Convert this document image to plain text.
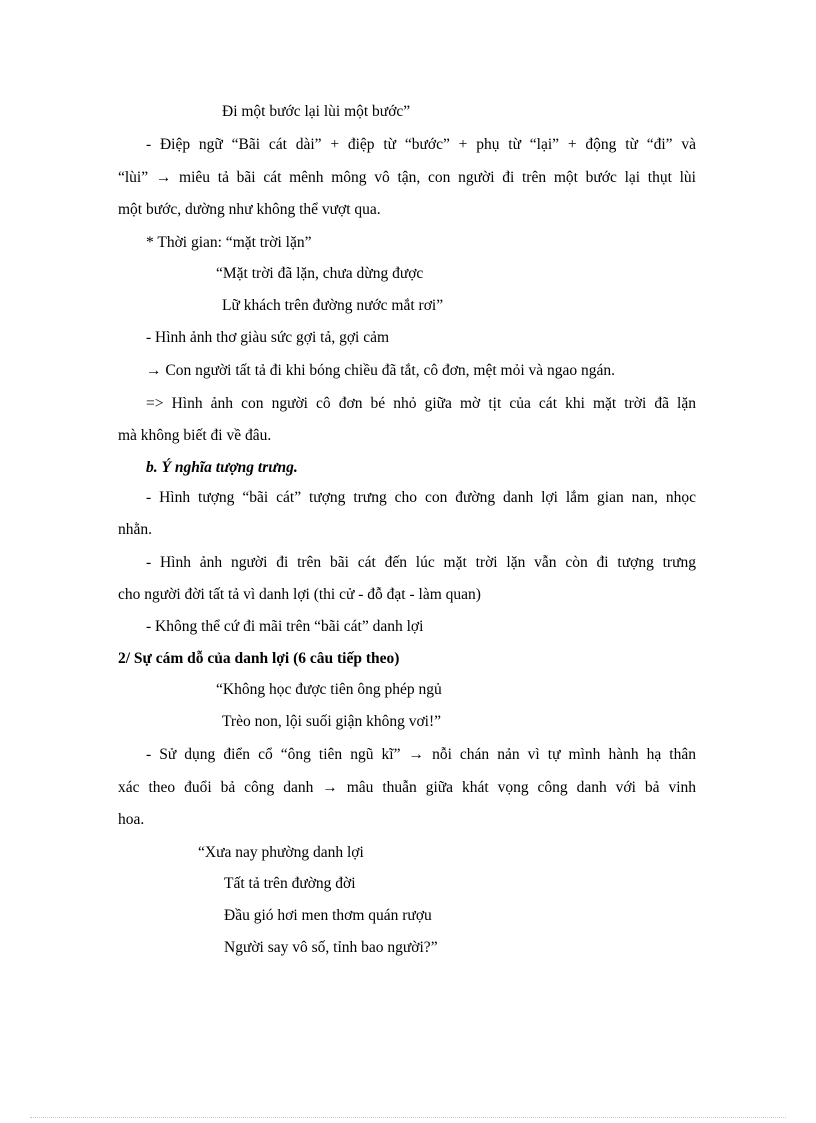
Đi một bước lại lùi một bước”
- Điệp ngữ “Bãi cát dài” + điệp từ “bước” + phụ từ “lại” + động từ “đi” và
“lùi” → miêu tả bãi cát mênh mông vô tận, con người đi trên một bước lại thụt lùi
một bước, dường như không thể vượt qua.
* Thời gian: “mặt trời lặn”
“Mặt trời đã lặn, chưa dừng được
Lữ khách trên đường nước mắt rơi”
- Hình ảnh thơ giàu sức gợi tả, gợi cảm
→ Con người tất tả đi khi bóng chiều đã tắt, cô đơn, mệt mỏi và ngao ngán.
=> Hình ảnh con người cô đơn bé nhỏ giữa mờ tịt của cát khi mặt trời đã lặn
mà không biết đi về đâu.
b. Ý nghĩa tượng trưng.
- Hình tượng “bãi cát” tượng trưng cho con đường danh lợi lắm gian nan, nhọc
nhằn.
- Hình ảnh người đi trên bãi cát đến lúc mặt trời lặn vẫn còn đi tượng trưng
cho người đời tất tả vì danh lợi (thi cử - đỗ đạt - làm quan)
- Không thể cứ đi mãi trên “bãi cát” danh lợi
2/ Sự cám dỗ của danh lợi (6 câu tiếp theo)
“Không học được tiên ông phép ngủ
Trèo non, lội suối giận không vơi!”
- Sử dụng điển cổ “ông tiên ngũ kĩ” → nỗi chán nản vì tự mình hành hạ thân
xác theo đuổi bả công danh → mâu thuẫn giữa khát vọng công danh với bả vinh
hoa.
“Xưa nay phường danh lợi
Tất tả trên đường đời
Đầu gió hơi men thơm quán rượu
Người say vô số, tỉnh bao người?”
